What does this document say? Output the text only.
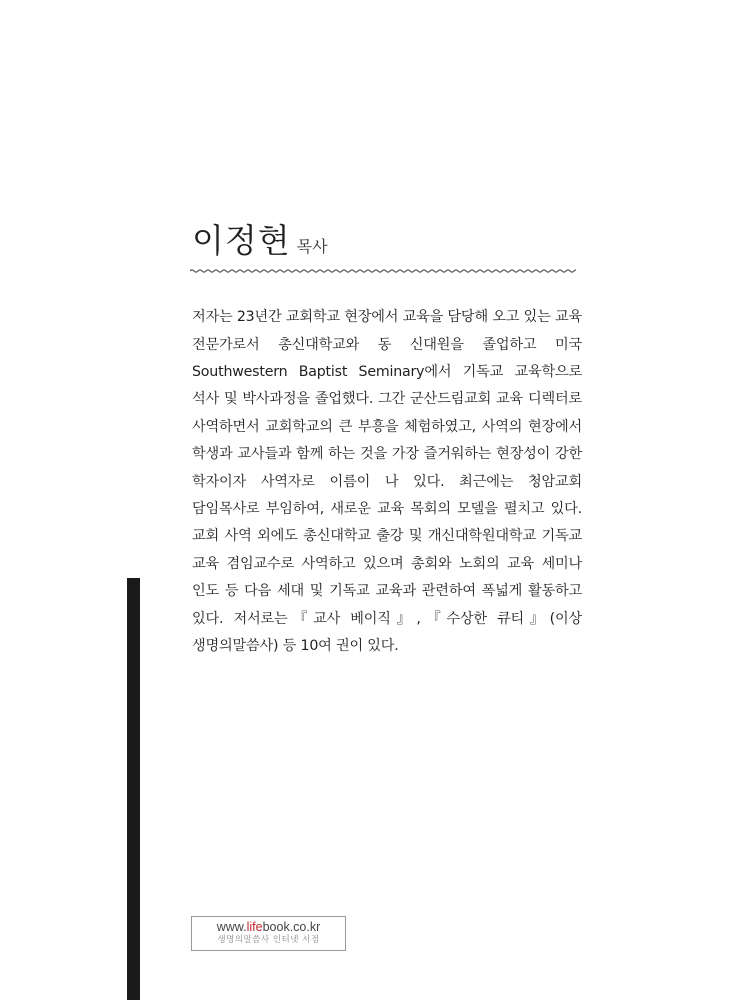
이정현 목사

저자는 23년간 교회학교 현장에서 교육을 담당해 오고 있는 교육 전문가로서 총신대학교와 동 신대원을 졸업하고 미국 Southwestern Baptist Seminary에서 기독교 교육학으로 석사 및 박사과정을 졸업했다. 그간 군산드림교회 교육 디렉터로 사역하면서 교회학교의 큰 부흥을 체험하였고, 사역의 현장에서 학생과 교사들과 함께 하는 것을 가장 즐거워하는 현장성이 강한 학자이자 사역자로 이름이 나 있다. 최근에는 청암교회 담임목사로 부임하여, 새로운 교육 목회의 모델을 펼치고 있다. 교회 사역 외에도 총신대학교 출강 및 개신대학원대학교 기독교 교육 겸임교수로 사역하고 있으며 총회와 노회의 교육 세미나 인도 등 다음 세대 및 기독교 교육과 관련하여 폭넓게 활동하고 있다. 저서로는『교사 베이직』,『수상한 큐티』(이상 생명의말씀사) 등 10여 권이 있다.

www.lifebook.co.kr
생명의말씀사 인터넷 서점
